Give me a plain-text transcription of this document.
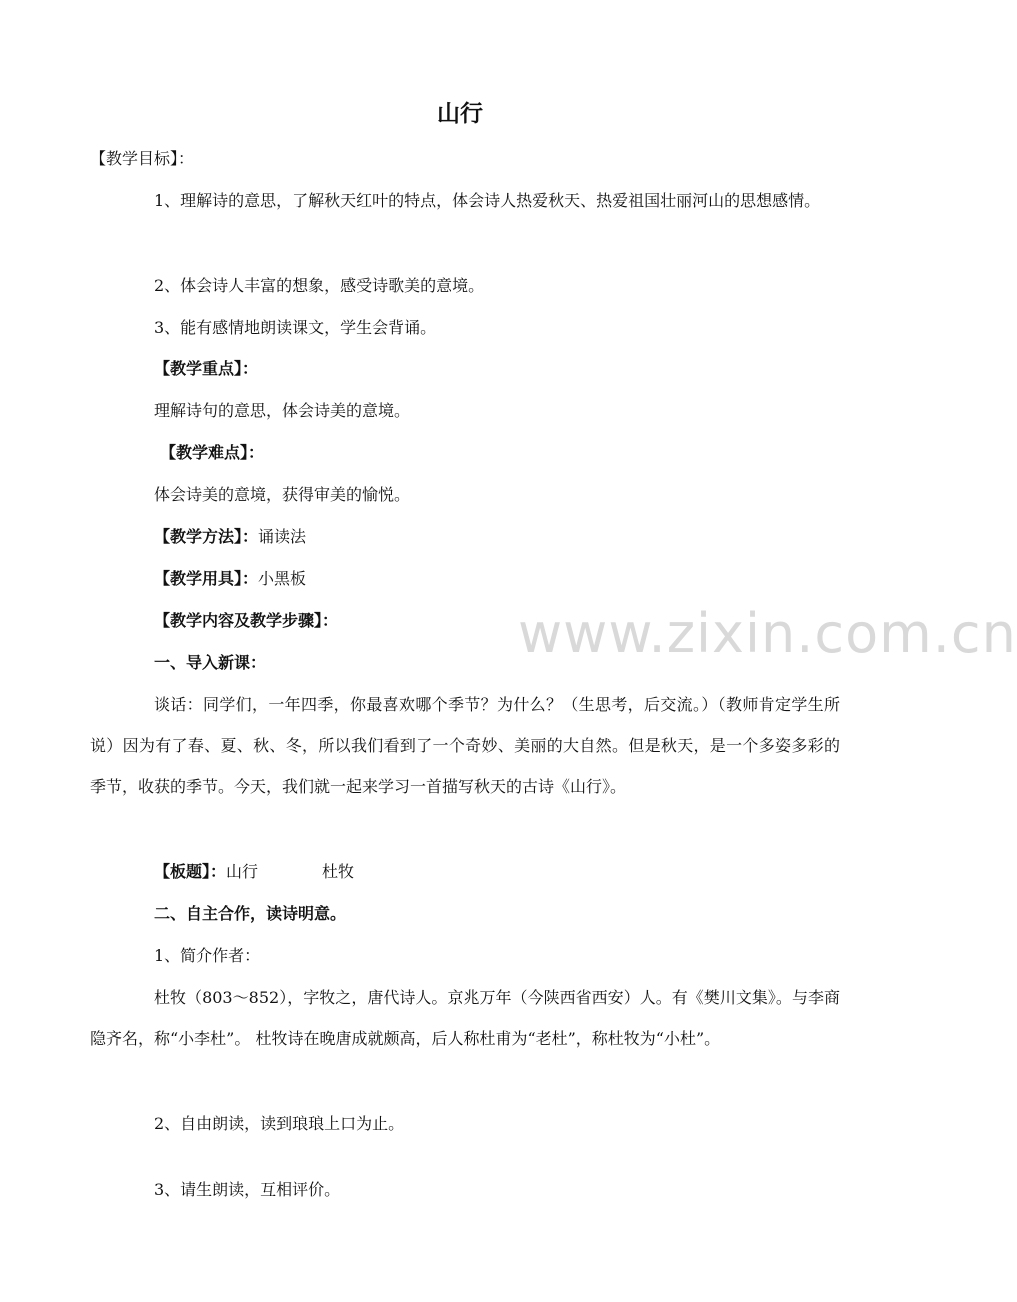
山行
【教学目标】：
1、理解诗的意思，了解秋天红叶的特点，体会诗人热爱秋天、热爱祖国壮丽河山的思想感情。
2、体会诗人丰富的想象，感受诗歌美的意境。
3、能有感情地朗读课文，学生会背诵。
【教学重点】：
理解诗句的意思，体会诗美的意境。
【教学难点】：
体会诗美的意境，获得审美的愉悦。
【教学方法】：诵读法
【教学用具】：小黑板
【教学内容及教学步骤】：
一、导入新课：
谈话：同学们，一年四季，你最喜欢哪个季节？为什么？（生思考，后交流。）（教师肯定学生所说）因为有了春、夏、秋、冬，所以我们看到了一个奇妙、美丽的大自然。但是秋天，是一个多姿多彩的季节，收获的季节。今天，我们就一起来学习一首描写秋天的古诗《山行》。
【板题】：山行	杜牧
二、自主合作，读诗明意。
1、简介作者：
杜牧（803～852），字牧之，唐代诗人。京兆万年（今陕西省西安）人。有《樊川文集》。与李商隐齐名，称“小李杜”。 杜牧诗在晚唐成就颇高，后人称杜甫为“老杜”，称杜牧为“小杜”。
2、自由朗读，读到琅琅上口为止。
3、请生朗读，互相评价。
www.zixin.com.cn
